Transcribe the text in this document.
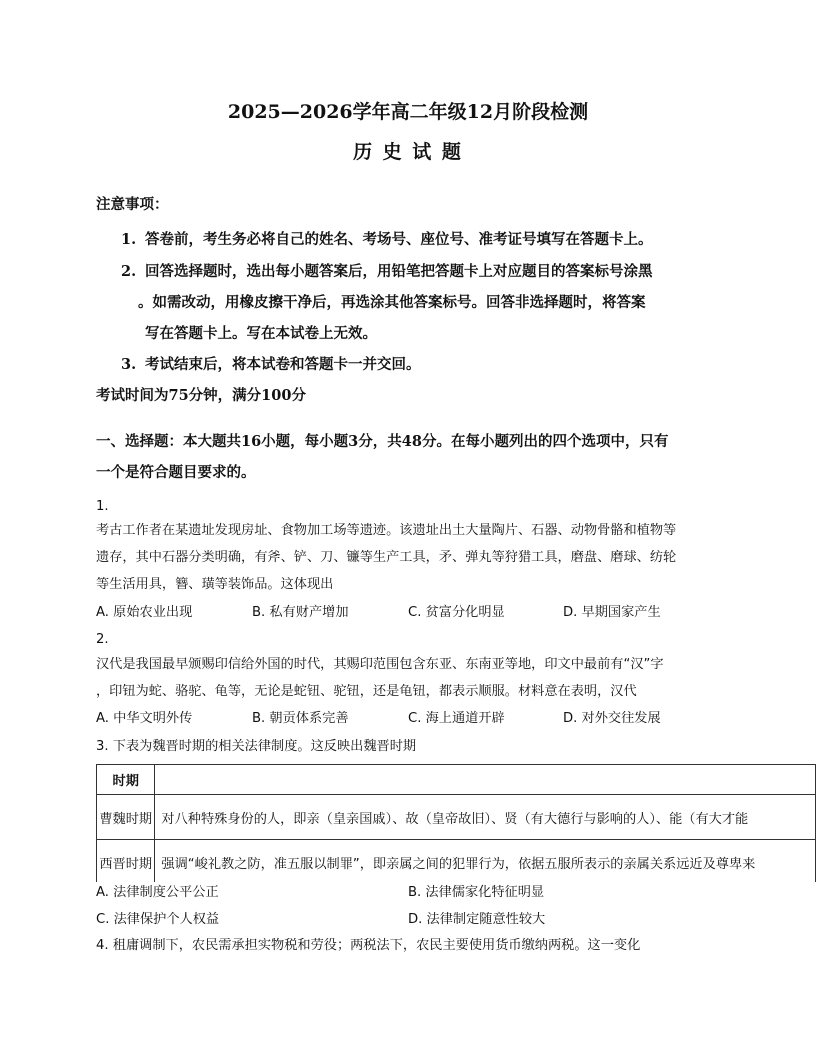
2025—2026学年高二年级12月阶段检测
历 史 试 题
注意事项：
1. 答卷前，考生务必将自己的姓名、考场号、座位号、准考证号填写在答题卡上。
2. 回答选择题时，选出每小题答案后，用铅笔把答题卡上对应题目的答案标号涂黑
。如需改动，用橡皮擦干净后，再选涂其他答案标号。回答非选择题时，将答案
写在答题卡上。写在本试卷上无效。
3. 考试结束后，将本试卷和答题卡一并交回。
考试时间为75分钟，满分100分
一、选择题：本大题共16小题，每小题3分，共48分。在每小题列出的四个选项中，只有
一个是符合题目要求的。
1.
考古工作者在某遗址发现房址、食物加工场等遗迹。该遗址出土大量陶片、石器、动物骨骼和植物等
遗存，其中石器分类明确，有斧、铲、刀、镰等生产工具，矛、弹丸等狩猎工具，磨盘、磨球、纺轮
等生活用具，簪、璜等装饰品。这体现出
A. 原始农业出现	B. 私有财产增加	C. 贫富分化明显	D. 早期国家产生
2.
汉代是我国最早颁赐印信给外国的时代，其赐印范围包含东亚、东南亚等地，印文中最前有“汉”字
，印钮为蛇、骆驼、龟等，无论是蛇钮、驼钮，还是龟钮，都表示顺服。材料意在表明，汉代
A. 中华文明外传	B. 朝贡体系完善	C. 海上通道开辟	D. 对外交往发展
3. 下表为魏晋时期的相关法律制度。这反映出魏晋时期
时期	
曹魏时期	对八种特殊身份的人，即亲（皇亲国戚）、故（皇帝故旧）、贤（有大德行与影响的人）、能（有大才能
西晋时期	强调“峻礼教之防，准五服以制罪”，即亲属之间的犯罪行为，依据五服所表示的亲属关系远近及尊卑来
A. 法律制度公平公正	B. 法律儒家化特征明显
C. 法律保护个人权益	D. 法律制定随意性较大
4. 租庸调制下，农民需承担实物税和劳役；两税法下，农民主要使用货币缴纳两税。这一变化
